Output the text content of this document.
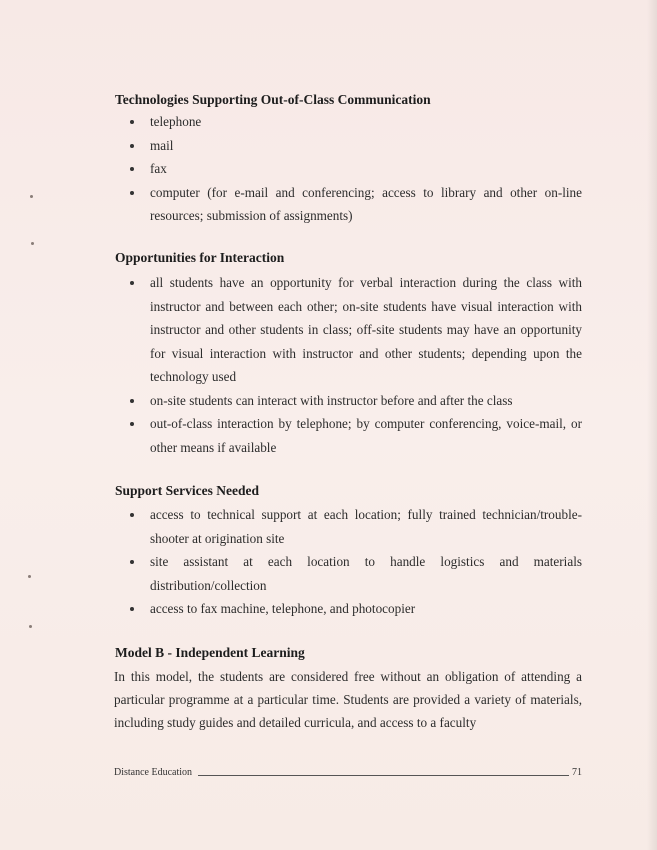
Technologies Supporting Out-of-Class Communication
telephone
mail
fax
computer (for e-mail and conferencing; access to library and other on-line resources; submission of assignments)
Opportunities for Interaction
all students have an opportunity for verbal interaction during the class with instructor and between each other; on-site students have visual interaction with instructor and other students in class; off-site students may have an opportunity for visual interaction with instructor and other students; depending upon the technology used
on-site students can interact with instructor before and after the class
out-of-class interaction by telephone; by computer conferencing, voice-mail, or other means if available
Support Services Needed
access to technical support at each location; fully trained technician/trouble-shooter at origination site
site assistant at each location to handle logistics and materials distribution/collection
access to fax machine, telephone, and photocopier
Model B - Independent Learning
In this model, the students are considered free without an obligation of attending a particular programme at a particular time. Students are provided a variety of materials, including study guides and detailed curricula, and access to a faculty
Distance Education	71
